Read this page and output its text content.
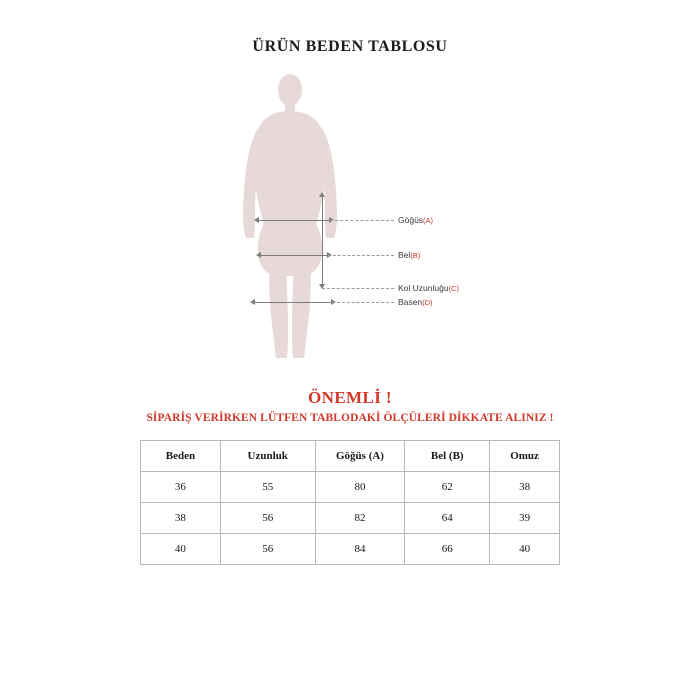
ÜRÜN BEDEN TABLOSU
Göğüs(A)
Bel(B)
Kol Uzunluğu(C)
Basen(D)
ÖNEMLİ !
SİPARİŞ VERİRKEN LÜTFEN TABLODAKİ ÖLÇÜLERİ DİKKATE ALINIZ !
Beden	Uzunluk	Göğüs (A)	Bel (B)	Omuz
36	55	80	62	38
38	56	82	64	39
40	56	84	66	40
